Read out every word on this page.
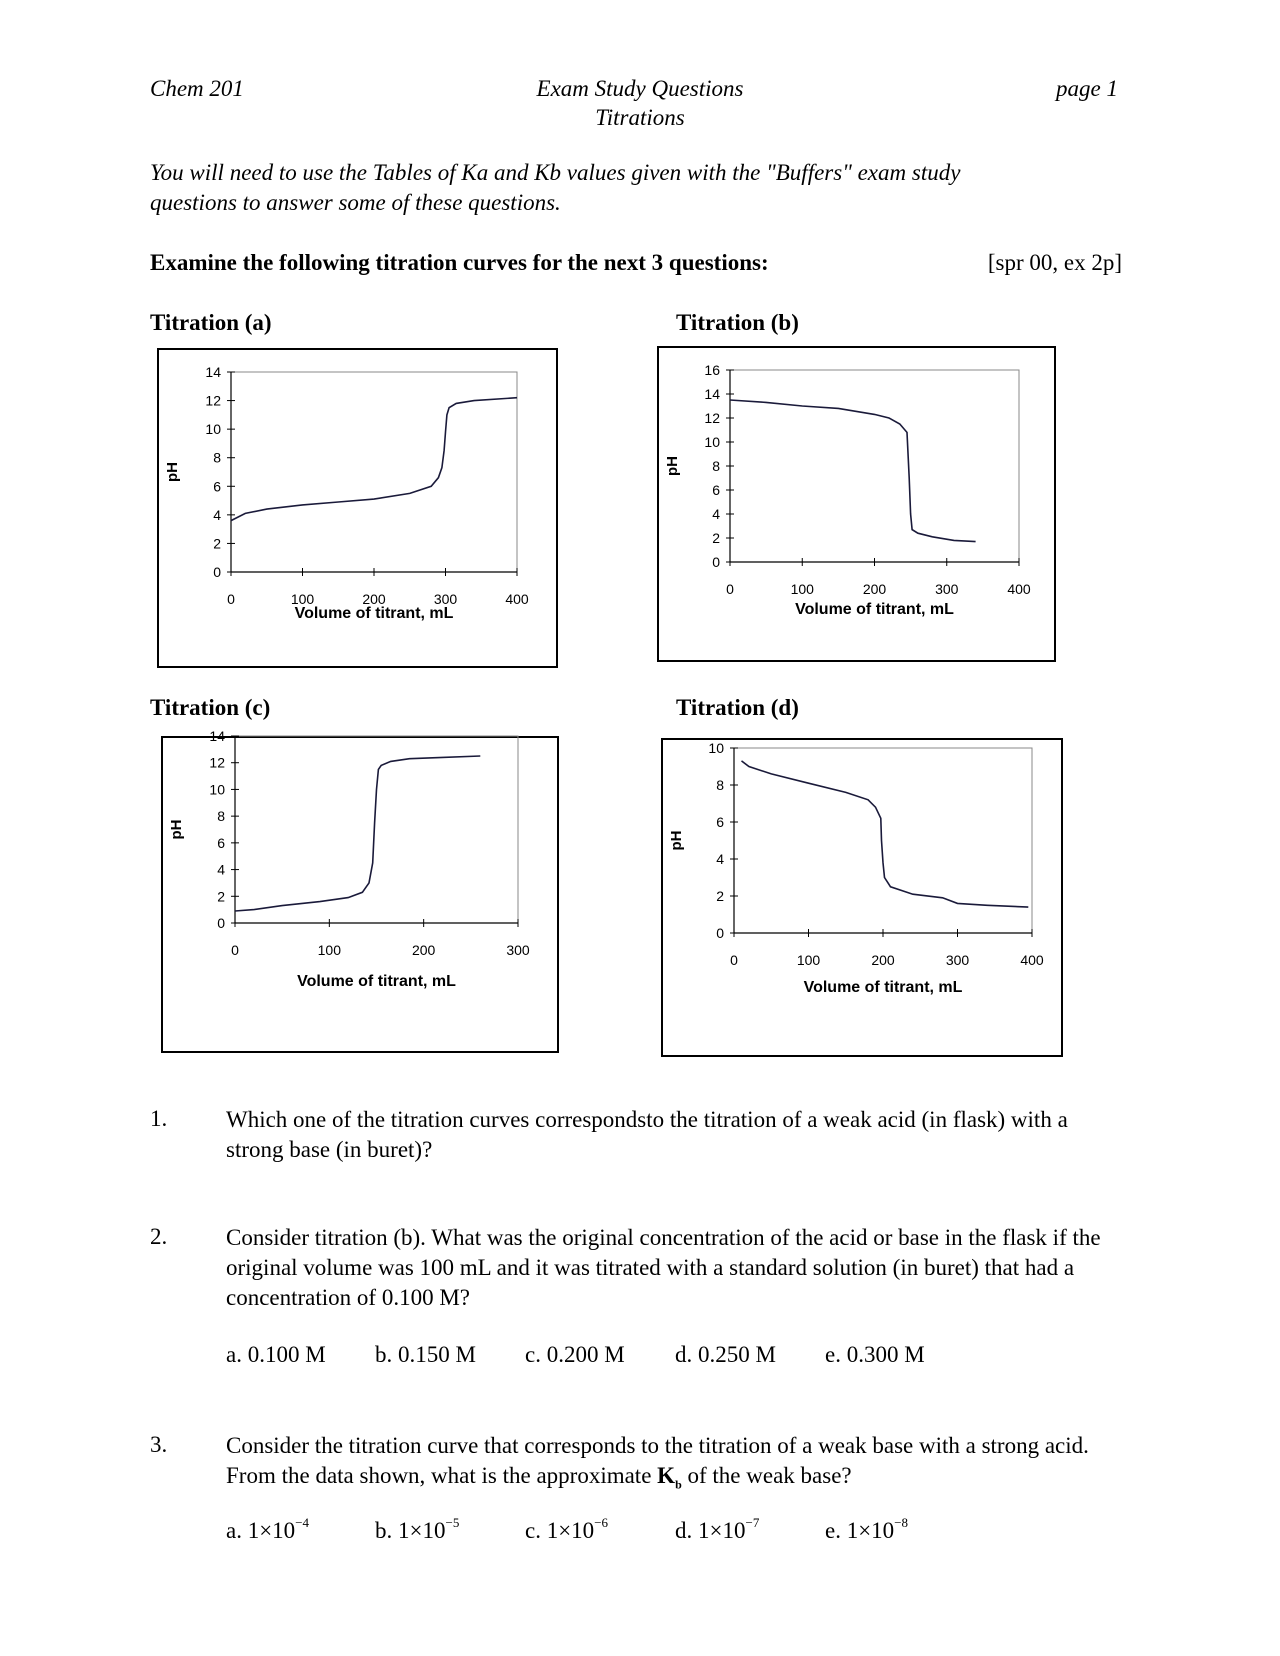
Chem 201	Exam Study Questions
Titrations
page 1
You will need to use the Tables of Ka and Kb values given with the "Buffers" exam study questions to answer some of these questions.
Examine the following titration curves for the next 3 questions:	[spr 00, ex 2p]
Titration (a)	Titration (b)
Titration (c)	Titration (d)
0
2
4
6
8
10
12
14
0	100	200	300	400
Volume of titrant, mL
pH
0
2
4
6
8
10
12
14
16
0	100	200	300	400
Volume of titrant, mL
pH
0
2
4
6
8
10
12
14
0	100	200	300
Volume of titrant, mL
pH
0
2
4
6
8
10
0	100	200	300	400
Volume of titrant, mL
pH
1.	Which one of the titration curves correspondsto the titration of a weak acid (in flask) with a strong base (in buret)?
2.	Consider titration (b). What was the original concentration of the acid or base in the flask if the original volume was 100 mL and it was titrated with a standard solution (in buret) that had a concentration of 0.100 M?
a. 0.100 M b. 0.150 M c. 0.200 M d. 0.250 M e. 0.300 M
3.	Consider the titration curve that corresponds to the titration of a weak base with a strong acid. From the data shown, what is the approximate $K_b$ of the weak base?
a. $1\times 10^{-4}$	b. $1\times 10^{-5}$	c. $1\times 10^{-6}$	d. $1\times 10^{-7}$	e. $1\times 10^{-8}$
